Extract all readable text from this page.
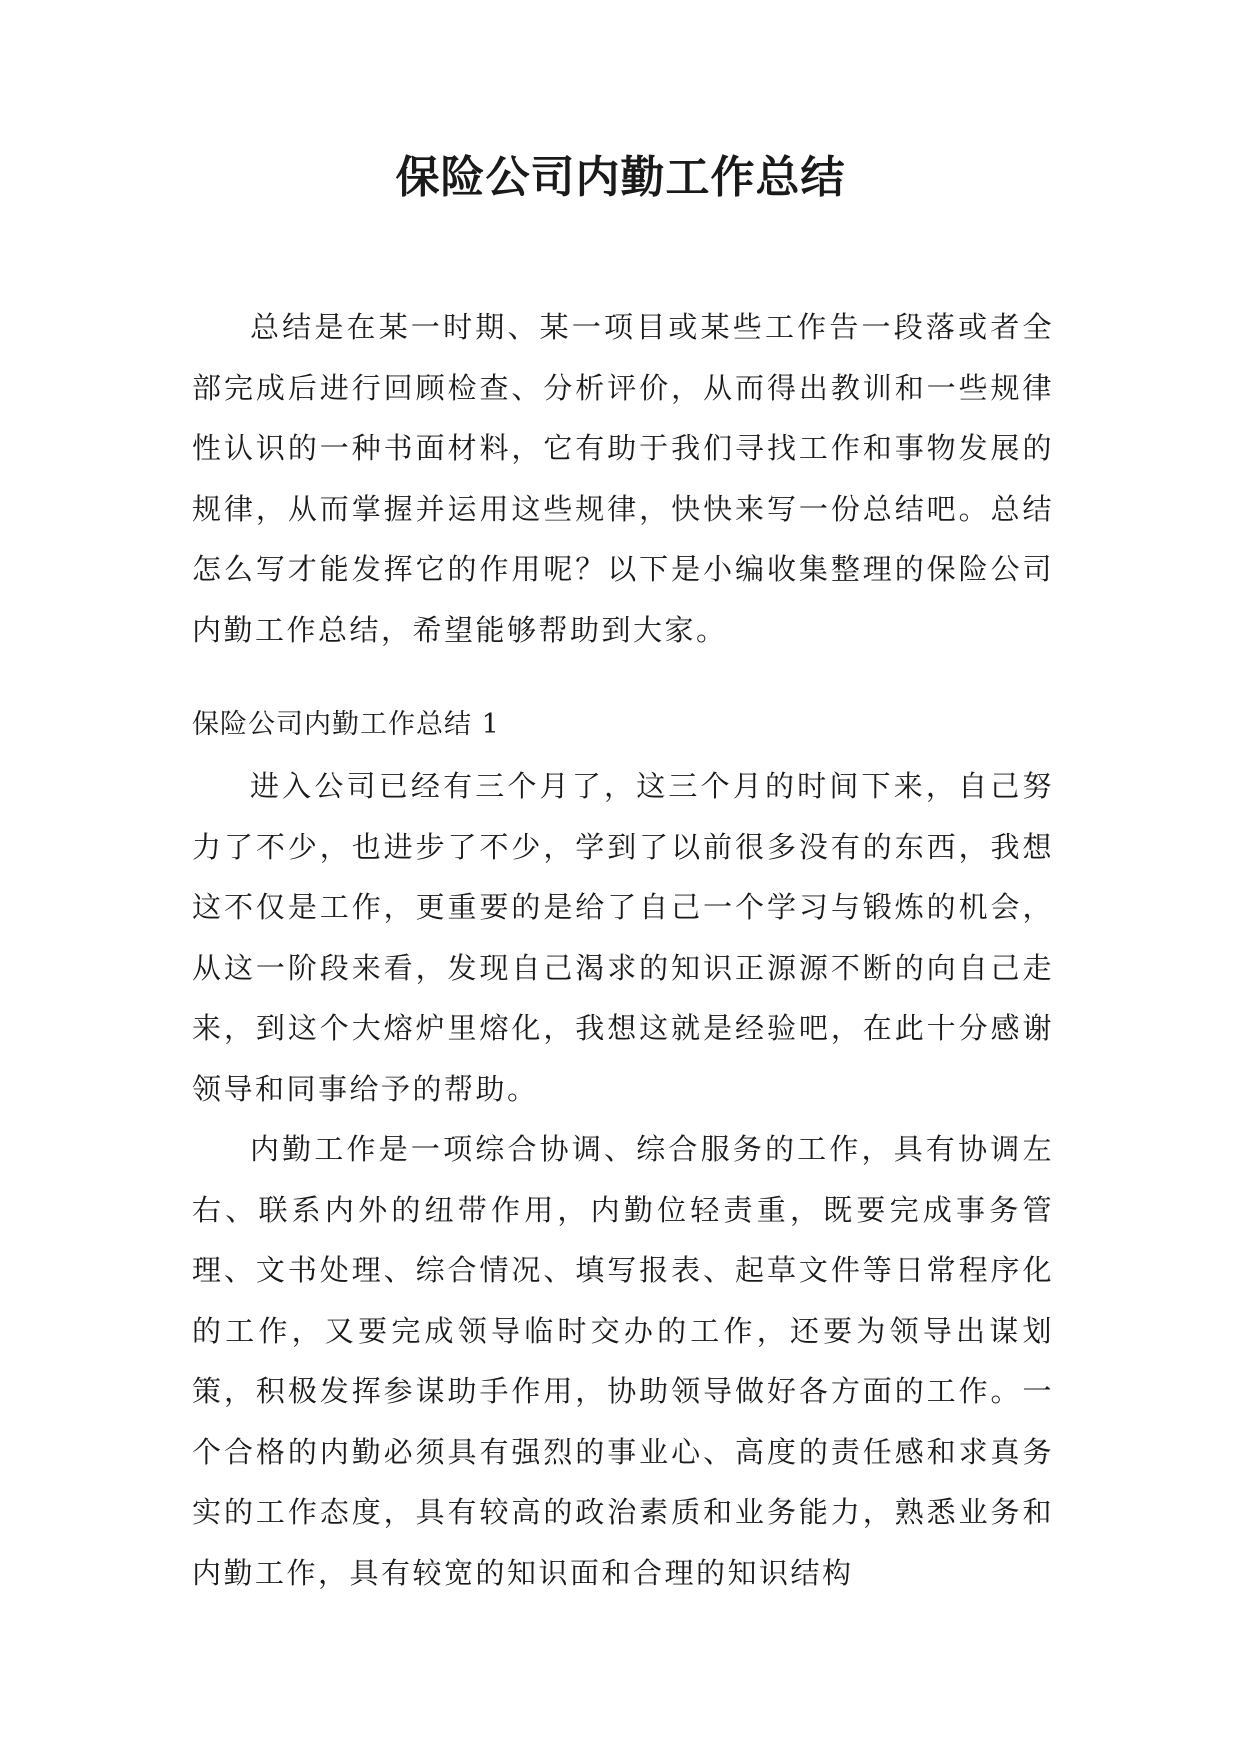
保险公司内勤工作总结

总结是在某一时期、某一项目或某些工作告一段落或者全部完成后进行回顾检查、分析评价，从而得出教训和一些规律性认识的一种书面材料，它有助于我们寻找工作和事物发展的规律，从而掌握并运用这些规律，快快来写一份总结吧。总结怎么写才能发挥它的作用呢？以下是小编收集整理的保险公司内勤工作总结，希望能够帮助到大家。

保险公司内勤工作总结 1

进入公司已经有三个月了，这三个月的时间下来，自己努力了不少，也进步了不少，学到了以前很多没有的东西，我想这不仅是工作，更重要的是给了自己一个学习与锻炼的机会，从这一阶段来看，发现自己渴求的知识正源源不断的向自己走来，到这个大熔炉里熔化，我想这就是经验吧，在此十分感谢领导和同事给予的帮助。

内勤工作是一项综合协调、综合服务的工作，具有协调左右、联系内外的纽带作用，内勤位轻责重，既要完成事务管理、文书处理、综合情况、填写报表、起草文件等日常程序化的工作，又要完成领导临时交办的工作，还要为领导出谋划策，积极发挥参谋助手作用，协助领导做好各方面的工作。一个合格的内勤必须具有强烈的事业心、高度的责任感和求真务实的工作态度，具有较高的政治素质和业务能力，熟悉业务和内勤工作，具有较宽的知识面和合理的知识结构
